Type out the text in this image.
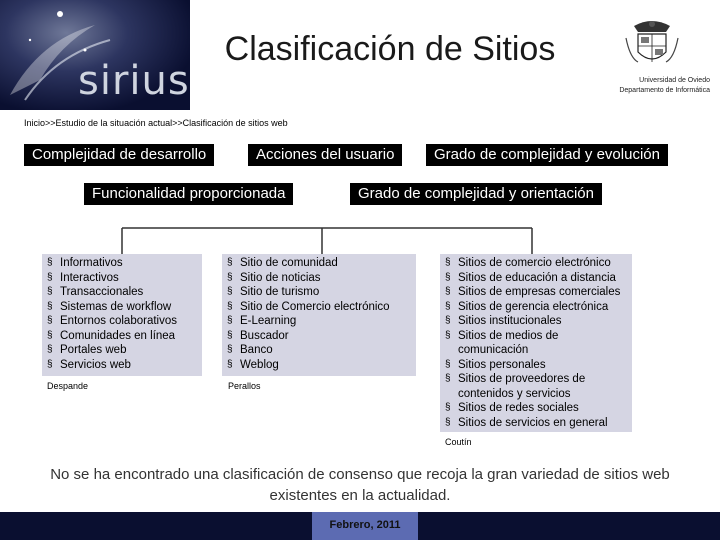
sirius
Clasificación de Sitios
Universidad de Oviedo
Departamento de Informática
Inicio>>Estudio de la situación actual>>Clasificación de sitios web
Complejidad de desarrollo	Acciones del usuario	Grado de complejidad y evolución
Funcionalidad proporcionada	Grado de complejidad y orientación
§ Informativos
§ Interactivos
§ Transaccionales
§ Sistemas de workflow
§ Entornos colaborativos
§ Comunidades en línea
§ Portales web
§ Servicios web
Despande
§ Sitio de comunidad
§ Sitio de noticias
§ Sitio de turismo
§ Sitio de Comercio electrónico
§ E-Learning
§ Buscador
§ Banco
§ Weblog
Perallos
§ Sitios de comercio electrónico
§ Sitios de educación a distancia
§ Sitios de empresas comerciales
§ Sitios de gerencia electrónica
§ Sitios institucionales
§ Sitios de medios de comunicación
§ Sitios personales
§ Sitios de proveedores de contenidos y servicios
§ Sitios de redes sociales
§ Sitios de servicios en general
Coutín
No se ha encontrado una clasificación de consenso que recoja la gran variedad de sitios web existentes en la actualidad.
Febrero, 2011
